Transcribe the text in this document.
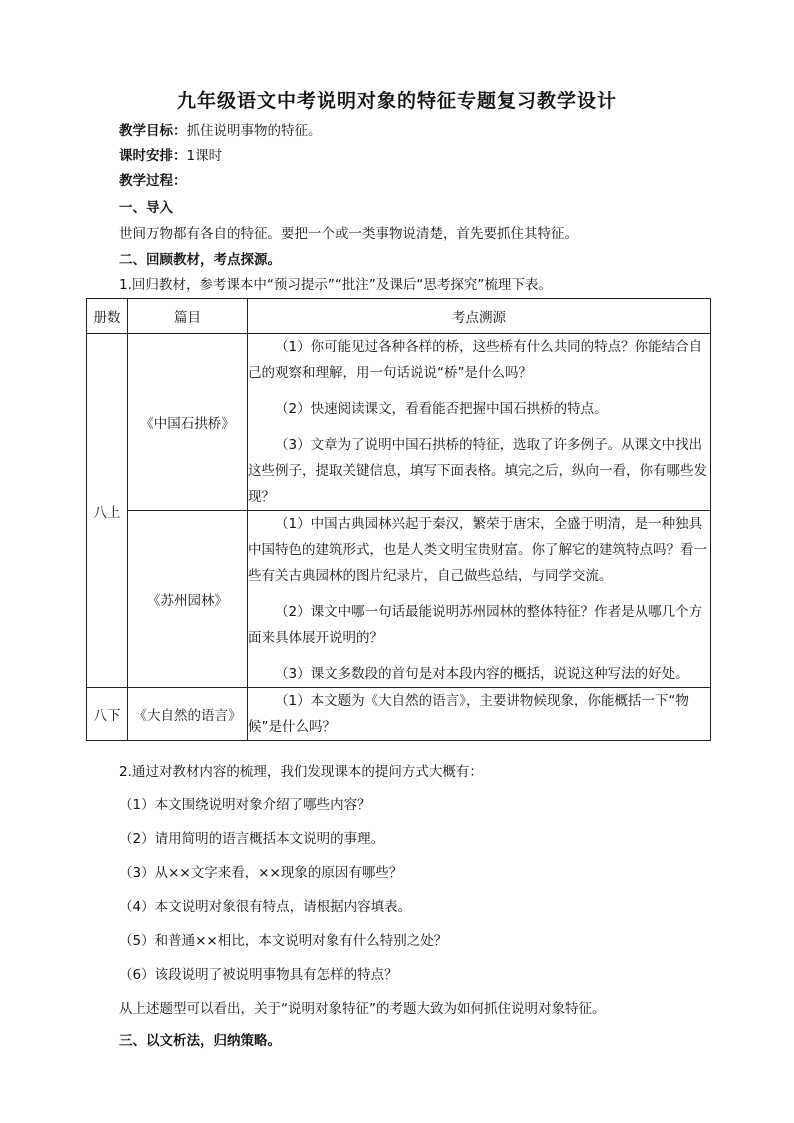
九年级语文中考说明对象的特征专题复习教学设计
教学目标：抓住说明事物的特征。
课时安排：1课时
教学过程：
一、导入
世间万物都有各自的特征。要把一个或一类事物说清楚，首先要抓住其特征。
二、回顾教材，考点探源。
1.回归教材，参考课本中“预习提示”“批注”及课后“思考探究”梳理下表。
册数	篇目	考点溯源
八上	《中国石拱桥》	（1）你可能见过各种各样的桥，这些桥有什么共同的特点？你能结合自己的观察和理解，用一句话说说“桥”是什么吗？

（2）快速阅读课文，看看能否把握中国石拱桥的特点。

（3）文章为了说明中国石拱桥的特征，选取了许多例子。从课文中找出这些例子，提取关键信息，填写下面表格。填完之后，纵向一看，你有哪些发现？

	《苏州园林》	（1）中国古典园林兴起于秦汉，繁荣于唐宋，全盛于明清，是一种独具中国特色的建筑形式，也是人类文明宝贵财富。你了解它的建筑特点吗？看一些有关古典园林的图片纪录片，自己做些总结，与同学交流。

（2）课文中哪一句话最能说明苏州园林的整体特征？作者是从哪几个方面来具体展开说明的？

（3）课文多数段的首句是对本段内容的概括，说说这种写法的好处。

八下	《大自然的语言》	（1）本文题为《大自然的语言》，主要讲物候现象，你能概括一下“物候”是什么吗？

2.通过对教材内容的梳理，我们发现课本的提问方式大概有：
（1）本文围绕说明对象介绍了哪些内容？
（2）请用简明的语言概括本文说明的事理。
（3）从××文字来看，××现象的原因有哪些？
（4）本文说明对象很有特点，请根据内容填表。
（5）和普通××相比，本文说明对象有什么特别之处？
（6）该段说明了被说明事物具有怎样的特点？
从上述题型可以看出，关于“说明对象特征”的考题大致为如何抓住说明对象特征。
三、以文析法，归纳策略。
